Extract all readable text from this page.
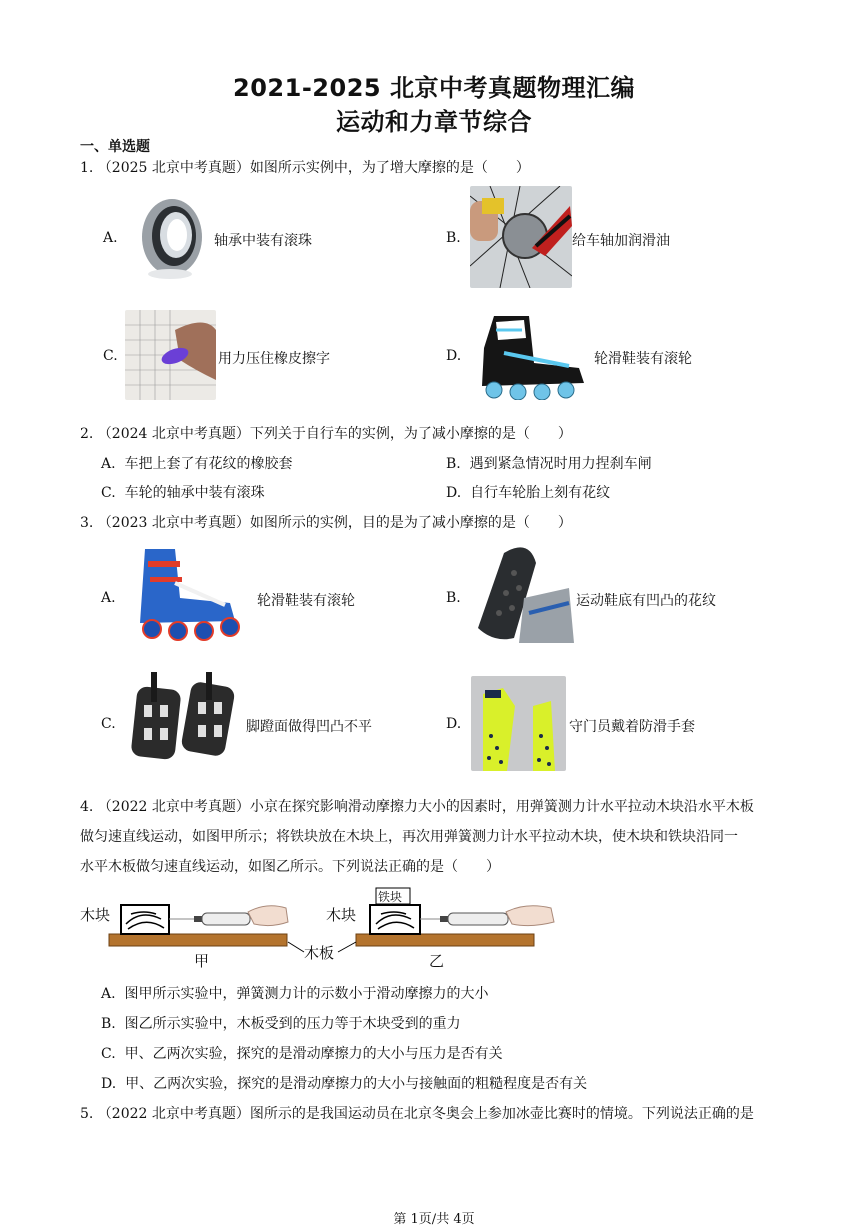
2021-2025 北京中考真题物理汇编
运动和力章节综合
一、单选题
1. （2025 北京中考真题）如图所示实例中，为了增大摩擦的是（　　）
A.	轴承中装有滚珠	B.	给车轴加润滑油
C.	用力压住橡皮擦字	D.	轮滑鞋装有滚轮
2. （2024 北京中考真题）下列关于自行车的实例，为了减小摩擦的是（　　）
A. 车把上套了有花纹的橡胶套	B. 遇到紧急情况时用力捏刹车闸
C. 车轮的轴承中装有滚珠	D. 自行车轮胎上刻有花纹
3. （2023 北京中考真题）如图所示的实例，目的是为了减小摩擦的是（　　）
A.	轮滑鞋装有滚轮	B.	运动鞋底有凹凸的花纹
C.	脚蹬面做得凹凸不平	D.	守门员戴着防滑手套
4. （2022 北京中考真题）小京在探究影响滑动摩擦力大小的因素时，用弹簧测力计水平拉动木块沿水平木板
做匀速直线运动，如图甲所示；将铁块放在木块上，再次用弹簧测力计水平拉动木块，使木块和铁块沿同一
水平木板做匀速直线运动，如图乙所示。下列说法正确的是（　　）
木块	木块
铁块
木板
甲	乙
A. 图甲所示实验中，弹簧测力计的示数小于滑动摩擦力的大小
B. 图乙所示实验中，木板受到的压力等于木块受到的重力
C. 甲、乙两次实验，探究的是滑动摩擦力的大小与压力是否有关
D. 甲、乙两次实验，探究的是滑动摩擦力的大小与接触面的粗糙程度是否有关
5. （2022 北京中考真题）图所示的是我国运动员在北京冬奥会上参加冰壶比赛时的情境。下列说法正确的是
第 1页/共 4页
